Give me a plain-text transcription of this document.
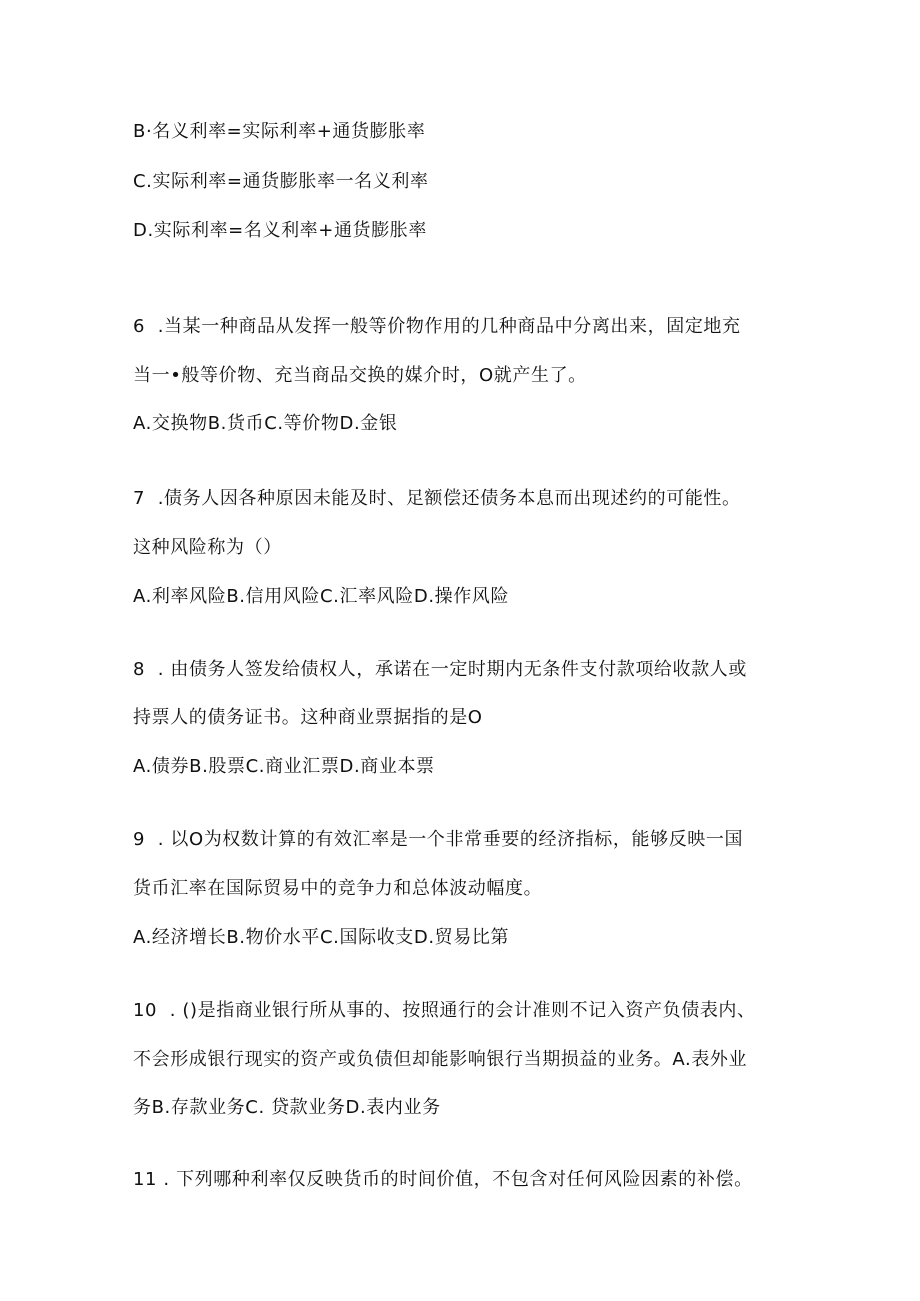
B·名义利率=实际利率+通货膨胀率
C.实际利率=通货膨胀率一名义利率
D.实际利率=名义利率+通货膨胀率
6  .当某一种商品从发挥一般等价物作用的几种商品中分离出来，固定地充
当一•般等价物、充当商品交换的媒介时，O就产生了。
A.交换物B.货币C.等价物D.金银
7  .债务人因各种原因未能及时、足额偿还债务本息而出现述约的可能性。
这种风险称为（）
A.利率风险B.信用风险C.汇率风险D.操作风险
8  . 由债务人签发给债权人，承诺在一定时期内无条件支付款项给收款人或
持票人的债务证书。这种商业票据指的是O
A.债券B.股票C.商业汇票D.商业本票
9  . 以O为权数计算的有效汇率是一个非常垂要的经济指标，能够反映一国
货币汇率在国际贸易中的竞争力和总体波动幅度。
A.经济增长B.物价水平C.国际收支D.贸易比第
10  . ()是指商业银行所从事的、按照通行的会计准则不记入资产负债表内、
不会形成银行现实的资产或负债但却能影响银行当期损益的业务。A.表外业
务B.存款业务C. 贷款业务D.表内业务
11 . 下列哪种利率仅反映货币的时间价值，不包含对任何风险因素的补偿。
